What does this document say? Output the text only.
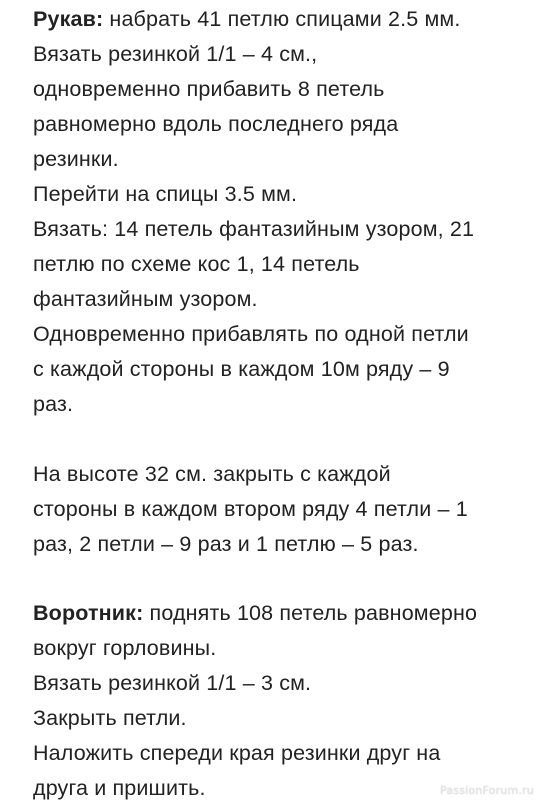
Рукав: набрать 41 петлю спицами 2.5 мм.
Вязать резинкой 1/1 – 4 см.,
одновременно прибавить 8 петель
равномерно вдоль последнего ряда
резинки.
Перейти на спицы 3.5 мм.
Вязать: 14 петель фантазийным узором, 21
петлю по схеме кос 1, 14 петель
фантазийным узором.
Одновременно прибавлять по одной петли
с каждой стороны в каждом 10м ряду – 9
раз.
На высоте 32 см. закрыть с каждой
стороны в каждом втором ряду 4 петли – 1
раз, 2 петли – 9 раз и 1 петлю – 5 раз.
Воротник: поднять 108 петель равномерно
вокруг горловины.
Вязать резинкой 1/1 – 3 см.
Закрыть петли.
Наложить спереди края резинки друг на
друга и пришить.	PassionForum.ru
